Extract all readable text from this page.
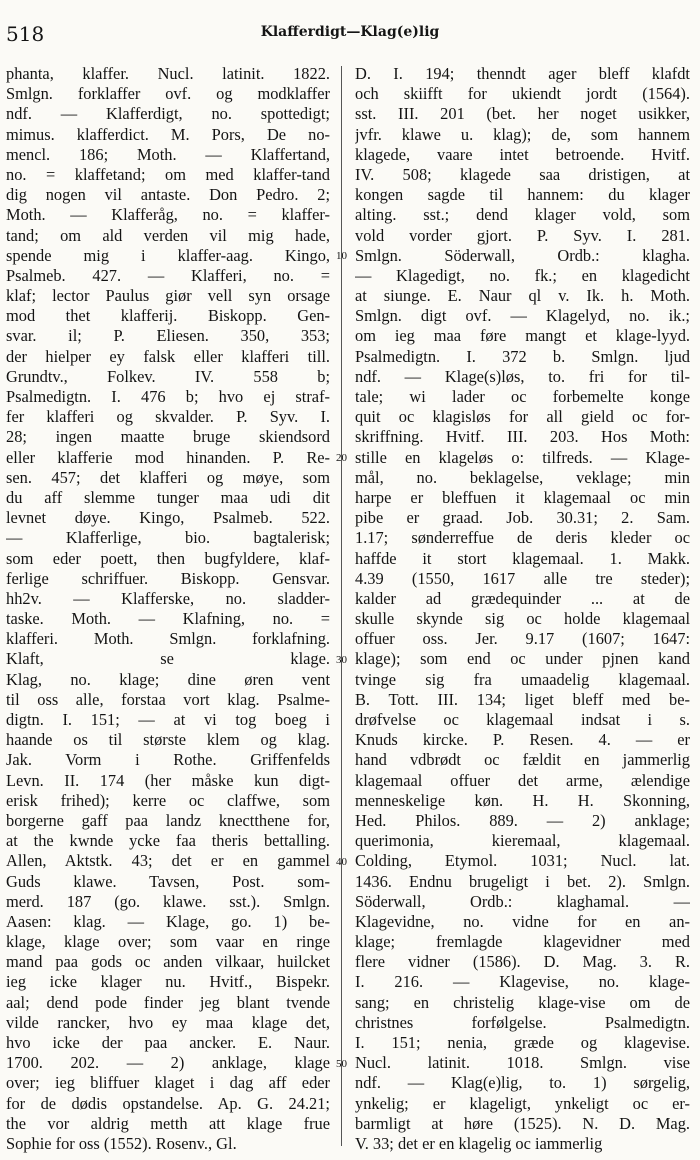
518	Klafferdigt—Klag(e)lig
phanta, klaffer. Nucl. latinit. 1822.
Smlgn. forklaffer ovf. og modklaffer
ndf. — Klafferdigt, no. spottedigt;
mimus. klafferdict. M. Pors, De no-
mencl. 186; Moth. — Klaffertand,
no. = klaffetand; om med klaffer-tand
dig nogen vil antaste. Don Pedro. 2;
Moth. — Klafferåg, no. = klaffer-
tand; om ald verden vil mig hade,
spende mig i klaffer-aag. Kingo,
Psalmeb. 427. — Klafferi, no. =
klaf; lector Paulus giør vell syn orsage
mod thet klafferij. Biskopp. Gen-
svar. il; P. Eliesen. 350, 353;
der hielper ey falsk eller klafferi till.
Grundtv., Folkev. IV. 558 b;
Psalmedigtn. I. 476 b; hvo ej straf-
fer klafferi og skvalder. P. Syv. I.
28; ingen maatte bruge skiendsord
eller klafferie mod hinanden. P. Re-
sen. 457; det klafferi og møye, som
du aff slemme tunger maa udi dit
levnet døye. Kingo, Psalmeb. 522.
— Klafferlige, bio. bagtalerisk;
som eder poett, then bugfyldere, klaf-
ferlige schriffuer. Biskopp. Gensvar.
hh2v. — Klafferske, no. sladder-
taske. Moth. — Klafning, no. =
klafferi. Moth. Smlgn. forklafning.
Klaft, se klage.
Klag, no. klage; dine øren vent
til oss alle, forstaa vort klag. Psalme-
digtn. I. 151; — at vi tog boeg i
haande os til største klem og klag.
Jak. Vorm i Rothe. Griffenfelds
Levn. II. 174 (her måske kun digt-
erisk frihed); kerre oc claffwe, som
borgerne gaff paa landz knectthene for,
at the kwnde ycke faa theris bettalling.
Allen, Aktstk. 43; det er en gammel
Guds klawe. Tavsen, Post. som-
merd. 187 (go. klawe. sst.). Smlgn.
Aasen: klag. — Klage, go. 1) be-
klage, klage over; som vaar en ringe
mand paa gods oc anden vilkaar, huilcket
ieg icke klager nu. Hvitf., Bispekr.
aal; dend pode finder jeg blant tvende
vilde rancker, hvo ey maa klage det,
hvo icke der paa ancker. E. Naur.
1700. 202. — 2) anklage, klage
over; ieg bliffuer klaget i dag aff eder
for de dødis opstandelse. Ap. G. 24.21;
the vor aldrig metth att klage frue
Sophie for oss (1552). Rosenv., Gl.
10
20
30
40
50
D. I. 194; thenndt ager bleff klafdt
och skiifft for ukiendt jordt (1564).
sst. III. 201 (bet. her noget usikker,
jvfr. klawe u. klag); de, som hannem
klagede, vaare intet betroende. Hvitf.
IV. 508; klagede saa dristigen, at
kongen sagde til hannem: du klager
alting. sst.; dend klager vold, som
vold vorder gjort. P. Syv. I. 281.
Smlgn. Söderwall, Ordb.: klagha.
— Klagedigt, no. fk.; en klagedicht
at siunge. E. Naur ql v. Ik. h. Moth.
Smlgn. digt ovf. — Klagelyd, no. ik.;
om ieg maa føre mangt et klage-lyyd.
Psalmedigtn. I. 372 b. Smlgn. ljud
ndf. — Klage(s)løs, to. fri for til-
tale; wi lader oc forbemelte konge
quit oc klagisløs for all gield oc for-
skriffning. Hvitf. III. 203. Hos Moth:
stille en klageløs o: tilfreds. — Klage-
mål, no. beklagelse, veklage; min
harpe er bleffuen it klagemaal oc min
pibe er graad. Job. 30.31; 2. Sam.
1.17; sønderreffue de deris kleder oc
haffde it stort klagemaal. 1. Makk.
4.39 (1550, 1617 alle tre steder);
kalder ad grædequinder ... at de
skulle skynde sig oc holde klagemaal
offuer oss. Jer. 9.17 (1607; 1647:
klage); som end oc under pjnen kand
tvinge sig fra umaadelig klagemaal.
B. Tott. III. 134; liget bleff med be-
drøfvelse oc klagemaal indsat i s.
Knuds kircke. P. Resen. 4. — er
hand vdbrødt oc fældit en jammerlig
klagemaal offuer det arme, ælendige
menneskelige køn. H. H. Skonning,
Hed. Philos. 889. — 2) anklage;
querimonia, kieremaal, klagemaal.
Colding, Etymol. 1031; Nucl. lat.
1436. Endnu brugeligt i bet. 2). Smlgn.
Söderwall, Ordb.: klaghamal. —
Klagevidne, no. vidne for en an-
klage; fremlagde klagevidner med
flere vidner (1586). D. Mag. 3. R.
I. 216. — Klagevise, no. klage-
sang; en christelig klage-vise om de
christnes forfølgelse. Psalmedigtn.
I. 151; nenia, græde og klagevise.
Nucl. latinit. 1018. Smlgn. vise
ndf. — Klag(e)lig, to. 1) sørgelig,
ynkelig; er klageligt, ynkeligt oc er-
barmligt at høre (1525). N. D. Mag.
V. 33; det er en klagelig oc iammerlig
